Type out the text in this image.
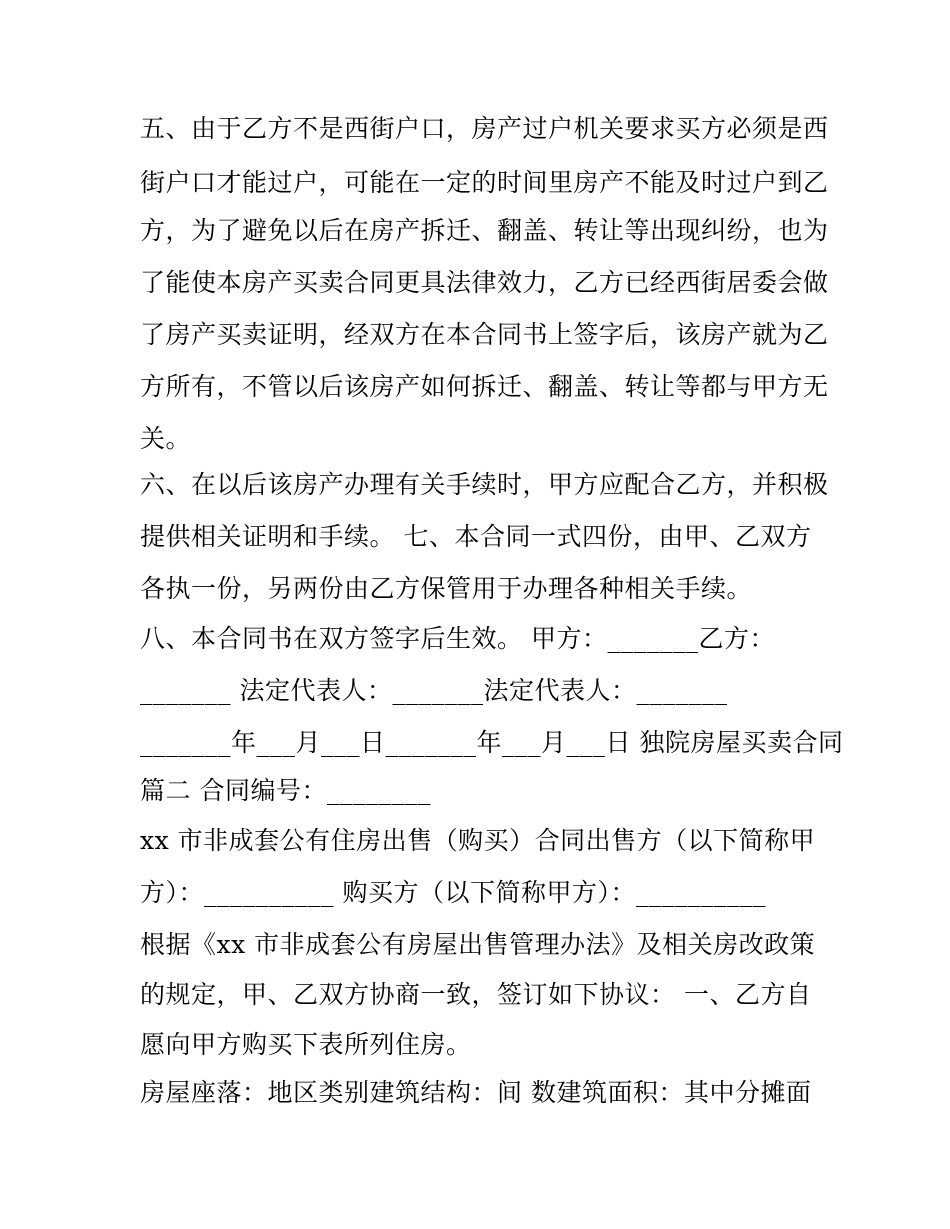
五、由于乙方不是西街户口，房产过户机关要求买方必须是西
街户口才能过户，可能在一定的时间里房产不能及时过户到乙
方，为了避免以后在房产拆迁、翻盖、转让等出现纠纷，也为
了能使本房产买卖合同更具法律效力，乙方已经西街居委会做
了房产买卖证明，经双方在本合同书上签字后，该房产就为乙
方所有，不管以后该房产如何拆迁、翻盖、转让等都与甲方无
关。
六、在以后该房产办理有关手续时，甲方应配合乙方，并积极
提供相关证明和手续。 七、本合同一式四份，由甲、乙双方
各执一份，另两份由乙方保管用于办理各种相关手续。
八、本合同书在双方签字后生效。 甲方：_______乙方：
_______ 法定代表人：_______法定代表人：_______
_______年___月___日_______年___月___日 独院房屋买卖合同
篇二 合同编号：________
xx 市非成套公有住房出售（购买）合同出售方（以下简称甲
方）：__________ 购买方（以下简称甲方）：__________
根据《xx 市非成套公有房屋出售管理办法》及相关房改政策
的规定，甲、乙双方协商一致，签订如下协议： 一、乙方自
愿向甲方购买下表所列住房。
房屋座落：地区类别建筑结构：间 数建筑面积：其中分摊面
